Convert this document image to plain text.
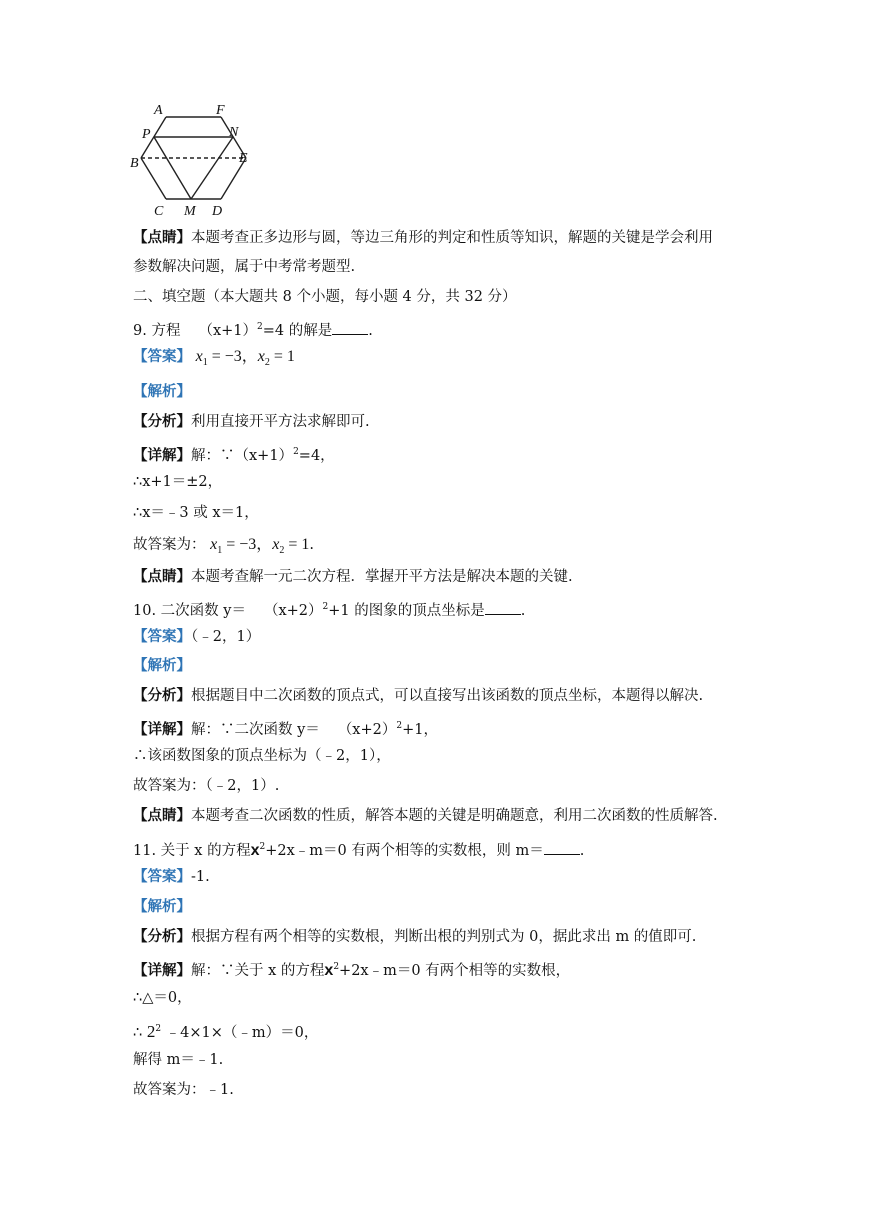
A	F
P	N
B	E
C M D
【点睛】本题考查正多边形与圆，等边三角形的判定和性质等知识，解题的关键是学会利用
参数解决问题，属于中考常考题型.
二、填空题（本大题共 8 个小题，每小题 4 分，共 32 分）
9. 方程 $(x+1)^2=4$ 的解是 .
【答案】 $x_1 = -3$，$x_2 = 1$
【解析】
【分析】利用直接开平方法求解即可.
【详解】解：$\because(x+1)^2=4$，
∴x+1＝±2，
∴x＝﹣3 或 x＝1，
故答案为： $x_1 = -3$，$x_2 = 1$.
【点睛】本题考查解一元二次方程．掌握开平方法是解决本题的关键.
10. 二次函数 $y= (x+2)^2+1$ 的图象的顶点坐标是 .
【答案】（﹣2，1）
【解析】
【分析】根据题目中二次函数的顶点式，可以直接写出该函数的顶点坐标，本题得以解决.
【详解】解：∵二次函数 $y= (x+2)^2+1$，
∴该函数图象的顶点坐标为（﹣2，1），
故答案为：（﹣2，1）.
【点睛】本题考查二次函数的性质，解答本题的关键是明确题意，利用二次函数的性质解答.
11. 关于 x 的方程$x^2+2x﹣m=0$ 有两个相等的实数根，则 m＝ .
【答案】-1.
【解析】
【分析】根据方程有两个相等的实数根，判断出根的判别式为 0，据此求出 m 的值即可.
【详解】解：∵关于 x 的方程$x^2+2x﹣m=0$ 有两个相等的实数根，
∴△＝0，
∴ $2^2$ ﹣4×1×（﹣m）＝0，
解得 m＝﹣1.
故答案为：﹣1.
